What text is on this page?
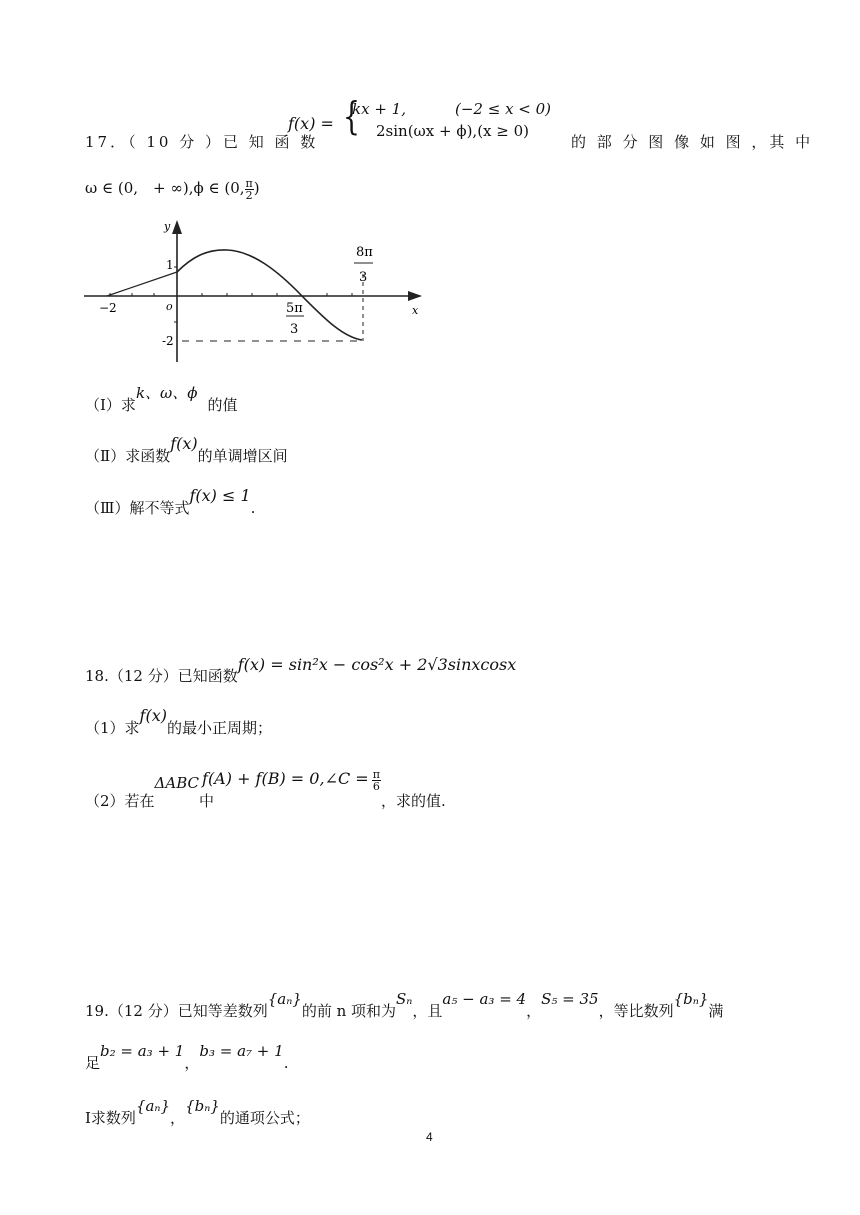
17．（ 10 分 ）已 知 函 数
f(x) = {
kx + 1,	(−2 ≤ x < 0)
2sin(ωx + ϕ),(x ≥ 0)
的 部 分 图 像 如 图 ，其 中
ω ∈ (0,　+ ∞),ϕ ∈ (0, $\frac{\pi}{2}$ )
y
x
o
−2
1
-2
5π
3
8π
3
（Ⅰ）求k、ω、ϕ的值
（Ⅱ）求函数f(x)的单调增区间
（Ⅲ）解不等式f(x) ≤ 1.
18.（12 分）已知函数f(x) = sin²x − cos²x + 2√3sinxcosx
（1）求f(x)的最小正周期；
（2）若在ΔABC中f(A) + f(B) = 0,∠C = $\frac{\pi}{6}$
，求的值.
19.（12 分）已知等差数列{aₙ}的前 n 项和为Sₙ，且a₅ − a₃ = 4，S₅ = 35，等比数列{bₙ}满
足b₂ = a₃ + 1，b₃ = a₇ + 1.
Ⅰ求数列{aₙ}，{bₙ}的通项公式；
4
